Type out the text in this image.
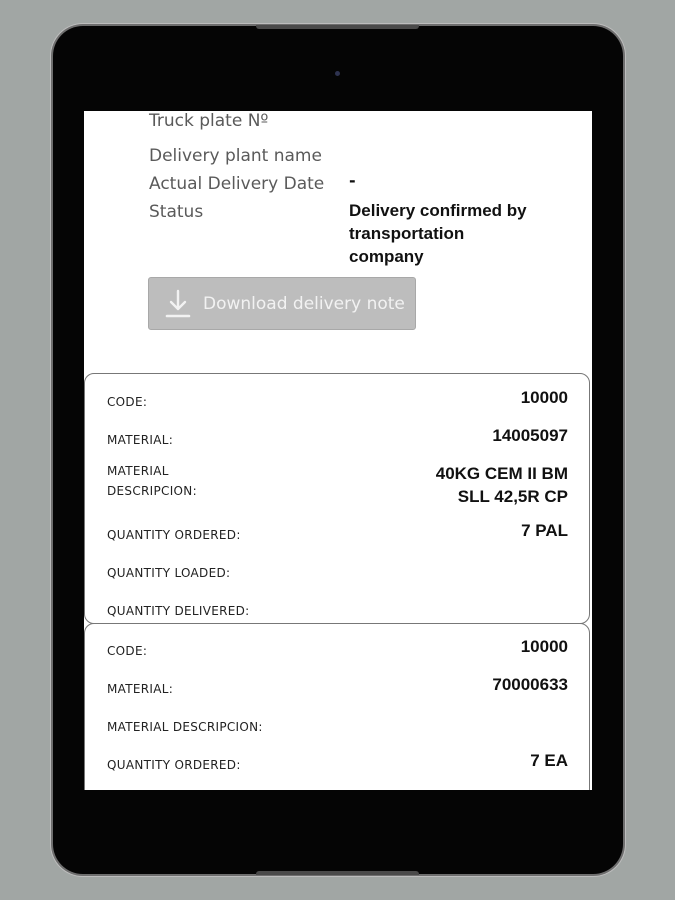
Truck plate Nº
Delivery plant name
Actual Delivery Date -
Status	Delivery confirmed by transportation company
Download delivery note
CODE:	10000
MATERIAL:	14005097
MATERIAL
DESCRIPCION:
40KG CEM II BM
SLL 42,5R CP
QUANTITY ORDERED:	7 PAL
QUANTITY LOADED:
QUANTITY DELIVERED:
CODE:	10000
MATERIAL:	70000633
MATERIAL DESCRIPCION:
QUANTITY ORDERED:	7 EA
